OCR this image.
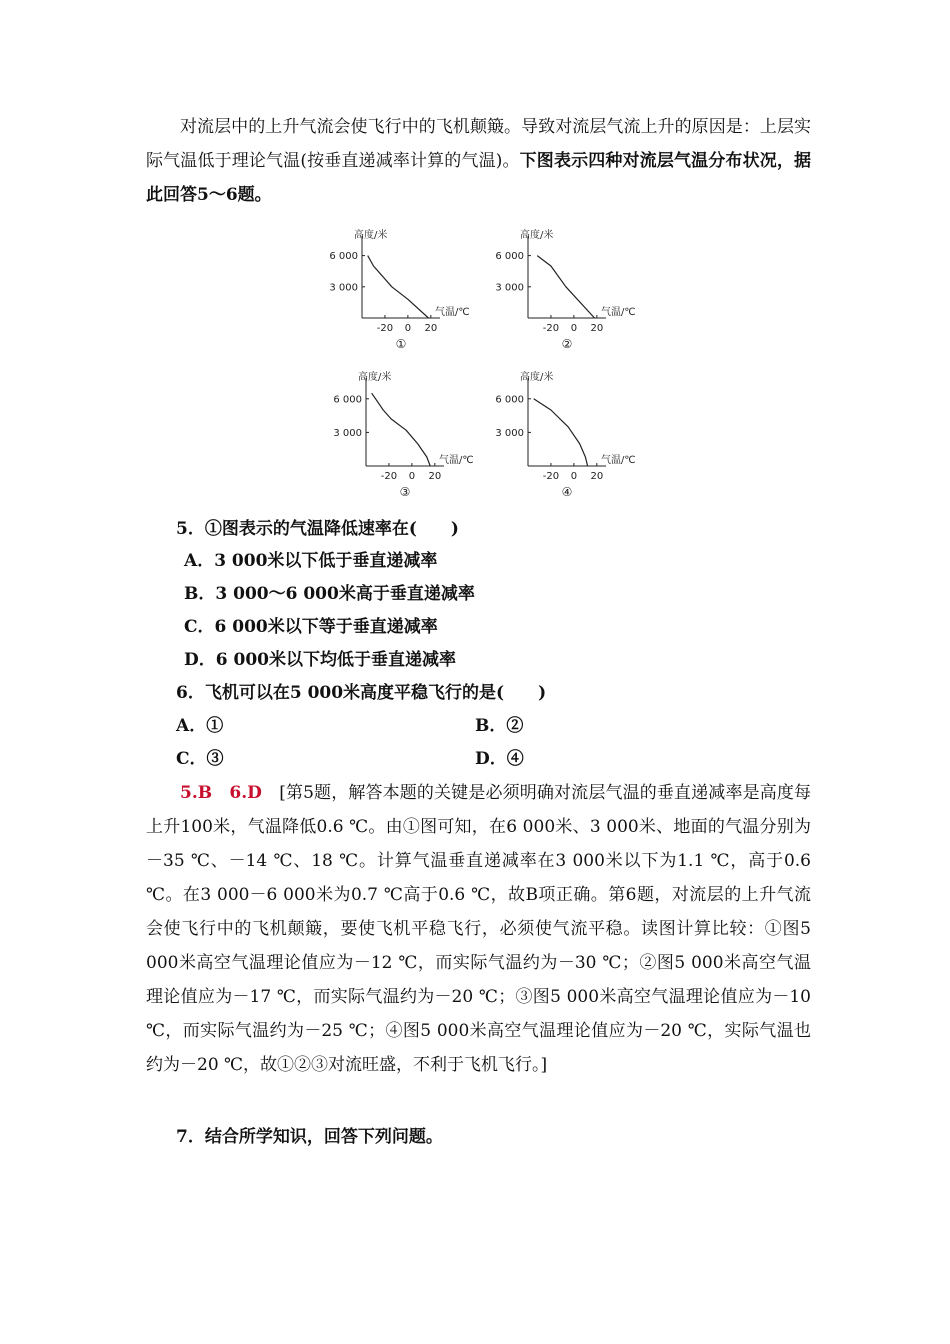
对流层中的上升气流会使飞行中的飞机颠簸。导致对流层气流上升的原因是：上层实际气温低于理论气温(按垂直递减率计算的气温)。下图表示四种对流层气温分布状况，据此回答5～6题。

高度/米
气温/℃
3 000
6 000
-20 0 20
①
高度/米
气温/℃
3 000
6 000
-20 0 20
②
高度/米
气温/℃
3 000
6 000
-20 0 20
③
高度/米
气温/℃
3 000
6 000
-20 0 20
④
5．①图表示的气温降低速率在(　　)
A．3 000米以下低于垂直递减率
B．3 000～6 000米高于垂直递减率
C．6 000米以下等于垂直递减率
D．6 000米以下均低于垂直递减率
6．飞机可以在5 000米高度平稳飞行的是(　　)
A．①	B．②
C．③	D．④

5.B　6.D　 [第5题，解答本题的关键是必须明确对流层气温的垂直递减率是高度每上升100米，气温降低0.6 ℃。由①图可知，在6 000米、3 000米、地面的气温分别为－35 ℃、－14 ℃、18 ℃。计算气温垂直递减率在3 000米以下为1.1 ℃，高于0.6 ℃。在3 000－6 000米为0.7 ℃高于0.6 ℃，故B项正确。第6题，对流层的上升气流会使飞行中的飞机颠簸，要使飞机平稳飞行，必须使气流平稳。读图计算比较：①图5 000米高空气温理论值应为－12 ℃，而实际气温约为－30 ℃；②图5 000米高空气温理论值应为－17 ℃，而实际气温约为－20 ℃；③图5 000米高空气温理论值应为－10 ℃，而实际气温约为－25 ℃；④图5 000米高空气温理论值应为－20 ℃，实际气温也约为－20 ℃，故①②③对流旺盛，不利于飞机飞行。]

7．结合所学知识，回答下列问题。
